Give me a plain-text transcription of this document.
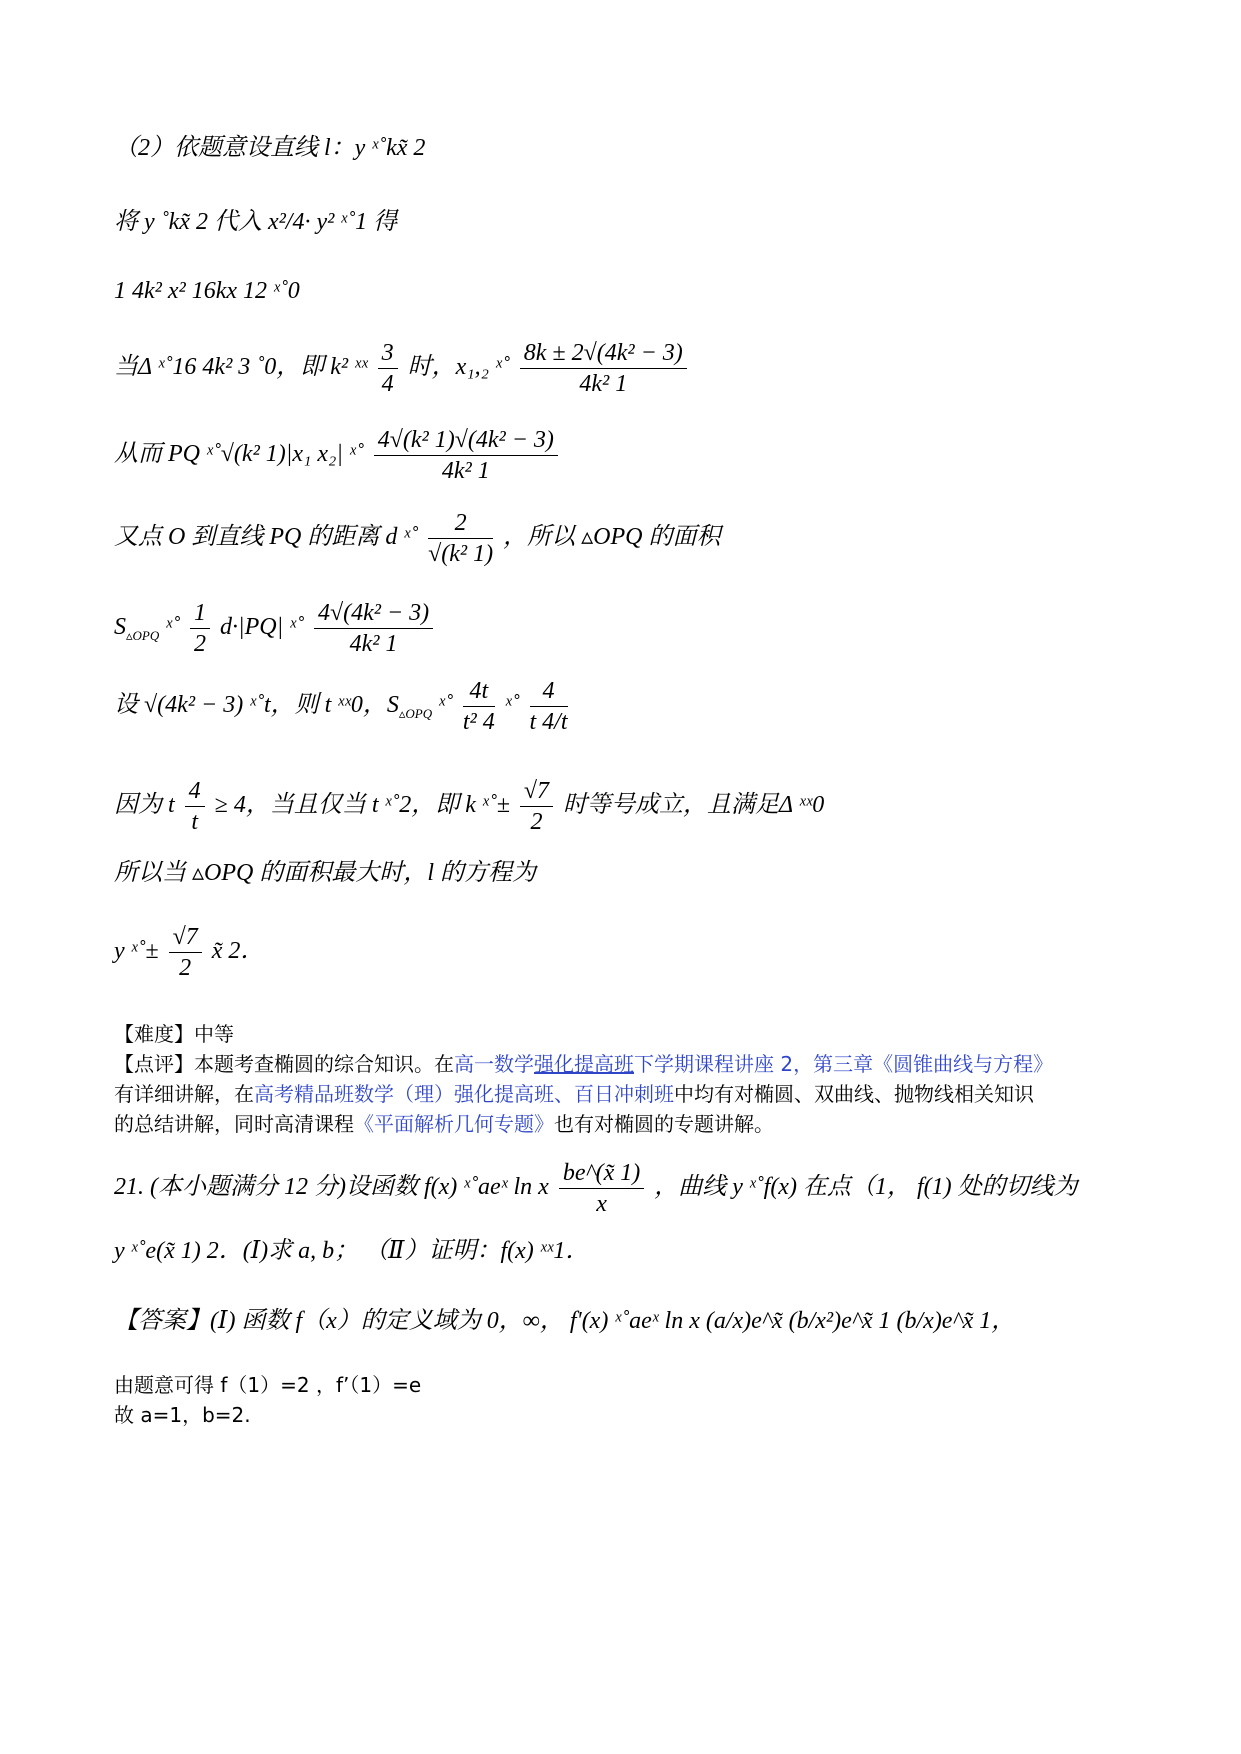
（2）依题意设直线 l：y ˣ˚kx̃ 2
将 y ˚kx̃ 2 代入 x²/4· y² ˣ˚1 得
1 4k² x² 16kx 12 ˣ˚0
当Δ ˣ˚16 4k² 3 ˚0，即 k² ˣˣ $\frac{3}{4}$ 时，x₁,₂ ˣ˚ $\frac{\text{8k ± 2√(4k² − 3)}}{\text{4k² 1}}$
从而 PQ ˣ˚√(k² 1)|x₁ x₂| ˣ˚ $\frac{\text{4√(k² 1)√(4k² − 3)}}{\text{4k² 1}}$
又点 O 到直线 PQ 的距离 d ˣ˚ $\frac{2}{\text{√(k² 1)}}$ ，所以 ▵OPQ 的面积
$S_{▵OPQ}$ ˣ˚ $\frac{1}{2} d\cdot|PQ|$ ˣ˚ $\frac{\text{4√(4k² − 3)}}{\text{4k² 1}}$
设 √(4k² − 3) ˣ˚t，则 t ˣˣ0，$S_{▵OPQ}$ ˣ˚ $\frac{4t}{\text{t² 4}}$ ˣ˚ $\frac{4}{t 4/t}$
因为 t $\frac{4}{t} \ge 4$，当且仅当 t ˣ˚2，即 k ˣ˚± $\frac{√7}{2}$ 时等号成立，且满足Δ ˣˣ0
所以当 ▵OPQ 的面积最大时，l 的方程为
y ˣ˚± $\frac{√7}{2}$ x̃ 2．
【难度】中等
【点评】本题考查椭圆的综合知识。在高一数学强化提高班下学期课程讲座 2，第三章《圆锥曲线与方程》
有详细讲解，在高考精品班数学（理）强化提高班、百日冲刺班中均有对椭圆、双曲线、抛物线相关知识
的总结讲解，同时高清课程《平面解析几何专题》也有对椭圆的专题讲解。
21. (本小题满分 12 分)设函数 f(x) ˣ˚aeˣ ln x $\frac{be\^{}(x̃ 1)}{x}$ ，曲线 y ˣ˚f(x) 在点（1， f(1) 处的切线为
y ˣ˚e(x̃ 1) 2．(Ⅰ)求 a, b； （Ⅱ）证明：f(x) ˣˣ1．
【答案】(Ⅰ) 函数 f（x）的定义域为 0，∞， f'(x) ˣ˚aeˣ ln x (a/x)e^x̃ (b/x²)e^x̃ 1 (b/x)e^x̃ 1，
由题意可得 f（1）=2 ，f’（1）=e
故 a=1，b=2.
